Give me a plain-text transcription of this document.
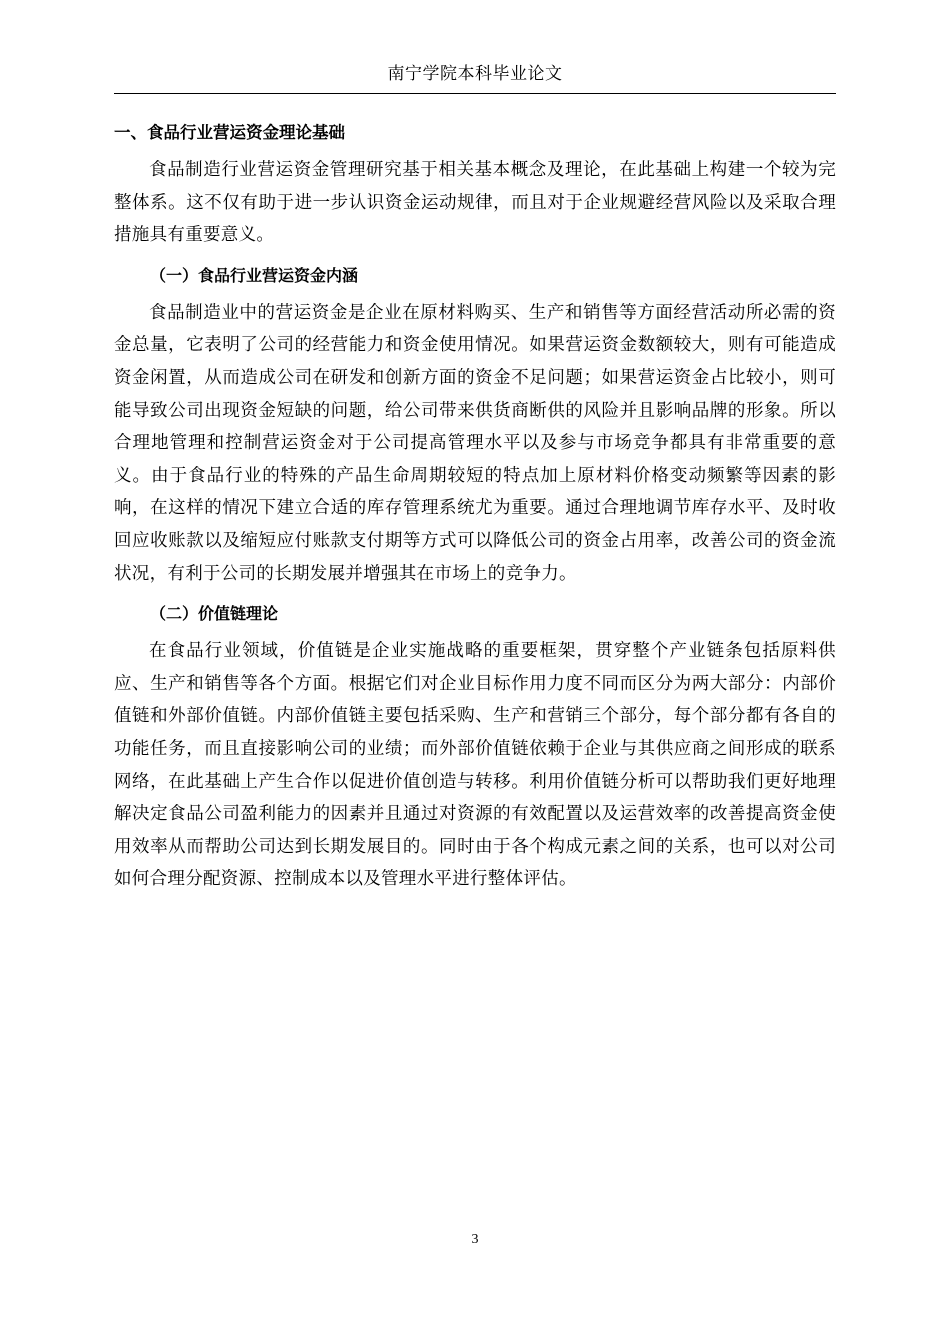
南宁学院本科毕业论文
一、食品行业营运资金理论基础

食品制造行业营运资金管理研究基于相关基本概念及理论，在此基础上构建一个较为完整体系。这不仅有助于进一步认识资金运动规律，而且对于企业规避经营风险以及采取合理措施具有重要意义。

（一）食品行业营运资金内涵

食品制造业中的营运资金是企业在原材料购买、生产和销售等方面经营活动所必需的资金总量，它表明了公司的经营能力和资金使用情况。如果营运资金数额较大，则有可能造成资金闲置，从而造成公司在研发和创新方面的资金不足问题；如果营运资金占比较小，则可能导致公司出现资金短缺的问题，给公司带来供货商断供的风险并且影响品牌的形象。所以合理地管理和控制营运资金对于公司提高管理水平以及参与市场竞争都具有非常重要的意义。由于食品行业的特殊的产品生命周期较短的特点加上原材料价格变动频繁等因素的影响，在这样的情况下建立合适的库存管理系统尤为重要。通过合理地调节库存水平、及时收回应收账款以及缩短应付账款支付期等方式可以降低公司的资金占用率，改善公司的资金流状况，有利于公司的长期发展并增强其在市场上的竞争力。

（二）价值链理论

在食品行业领域，价值链是企业实施战略的重要框架，贯穿整个产业链条包括原料供应、生产和销售等各个方面。根据它们对企业目标作用力度不同而区分为两大部分：内部价值链和外部价值链。内部价值链主要包括采购、生产和营销三个部分，每个部分都有各自的功能任务，而且直接影响公司的业绩；而外部价值链依赖于企业与其供应商之间形成的联系网络，在此基础上产生合作以促进价值创造与转移。利用价值链分析可以帮助我们更好地理解决定食品公司盈利能力的因素并且通过对资源的有效配置以及运营效率的改善提高资金使用效率从而帮助公司达到长期发展目的。同时由于各个构成元素之间的关系，也可以对公司如何合理分配资源、控制成本以及管理水平进行整体评估。

3
